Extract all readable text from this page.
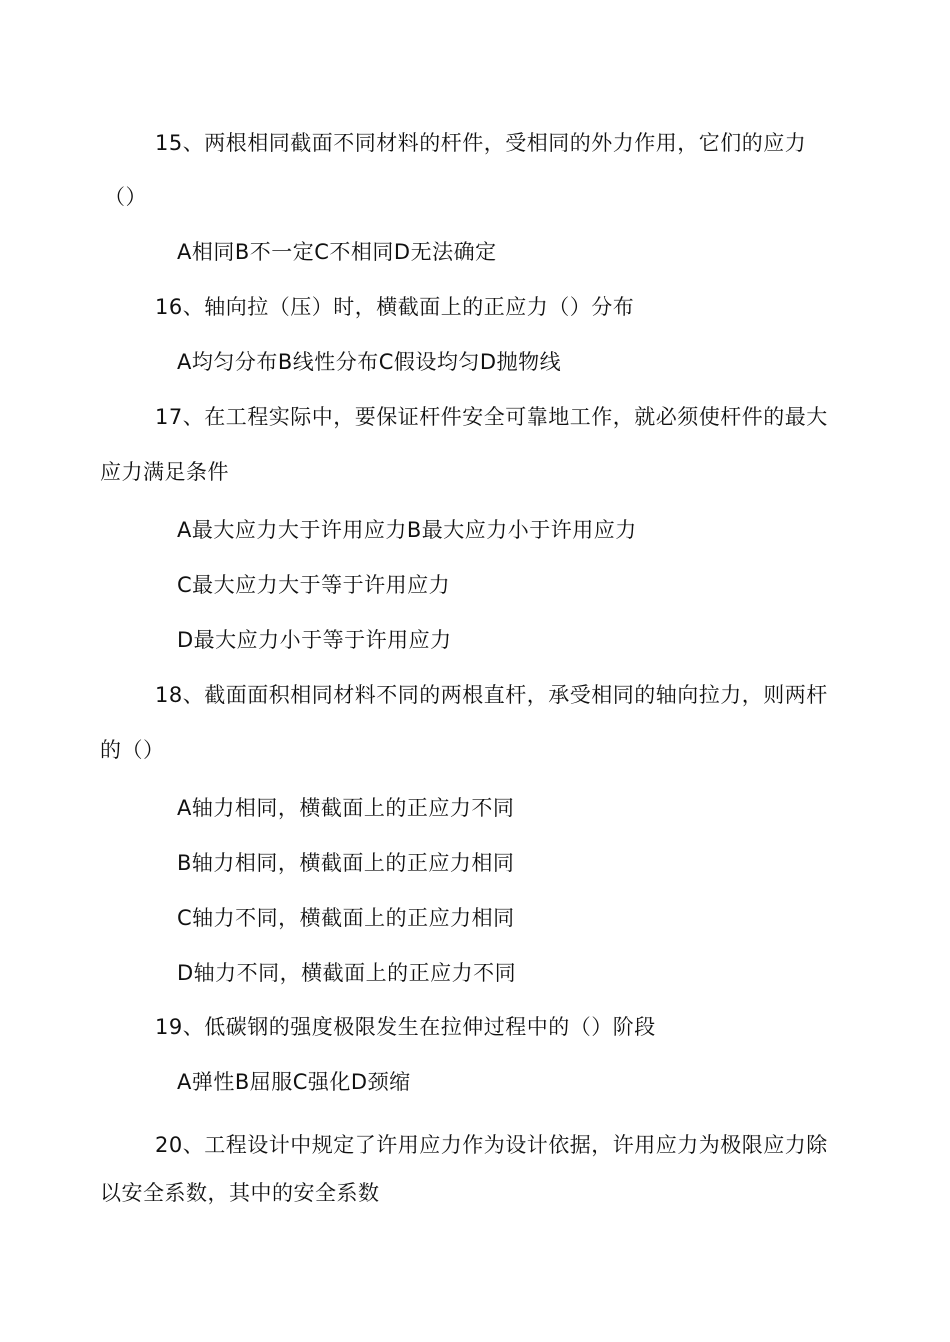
15、两根相同截面不同材料的杆件，受相同的外力作用，它们的应力
（）
A相同B不一定C不相同D无法确定
16、轴向拉（压）时，横截面上的正应力（）分布
A均匀分布B线性分布C假设均匀D抛物线
17、在工程实际中，要保证杆件安全可靠地工作，就必须使杆件的最大
应力满足条件
A最大应力大于许用应力B最大应力小于许用应力
C最大应力大于等于许用应力
D最大应力小于等于许用应力
18、截面面积相同材料不同的两根直杆，承受相同的轴向拉力，则两杆
的（）
A轴力相同，横截面上的正应力不同
B轴力相同，横截面上的正应力相同
C轴力不同，横截面上的正应力相同
D轴力不同，横截面上的正应力不同
19、低碳钢的强度极限发生在拉伸过程中的（）阶段
A弹性B屈服C强化D颈缩
20、工程设计中规定了许用应力作为设计依据，许用应力为极限应力除
以安全系数，其中的安全系数
